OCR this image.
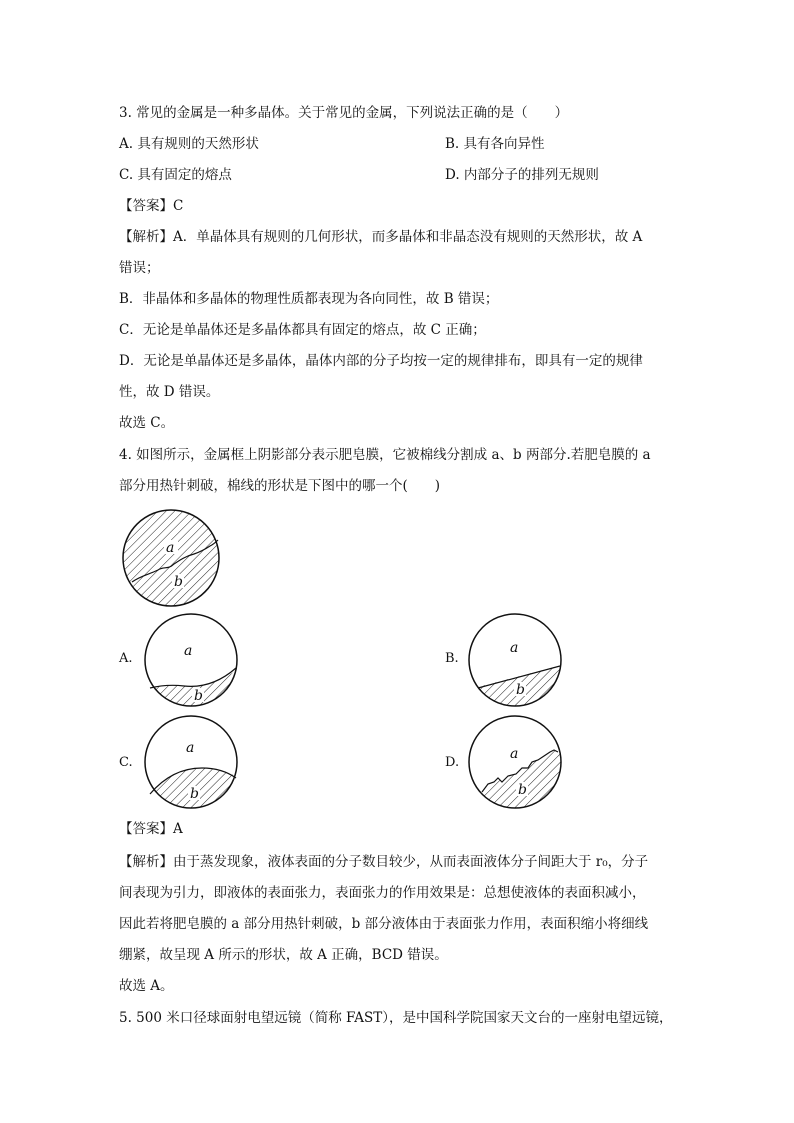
3. 常见的金属是一种多晶体。关于常见的金属，下列说法正确的是（　　）
A. 具有规则的天然形状	B. 具有各向异性
C. 具有固定的熔点	D. 内部分子的排列无规则
【答案】C
【解析】A．单晶体具有规则的几何形状，而多晶体和非晶态没有规则的天然形状，故 A
错误；
B．非晶体和多晶体的物理性质都表现为各向同性，故 B 错误；
C．无论是单晶体还是多晶体都具有固定的熔点，故 C 正确；
D．无论是单晶体还是多晶体，晶体内部的分子均按一定的规律排布，即具有一定的规律
性，故 D 错误。
故选 C。
4. 如图所示，金属框上阴影部分表示肥皂膜，它被棉线分割成 a、b 两部分.若肥皂膜的 a
部分用热针刺破，棉线的形状是下图中的哪一个(　　)
a
b
A.	a
b
B.
a
b
C.
a
b
D.
a
b
【答案】A
【解析】由于蒸发现象，液体表面的分子数目较少，从而表面液体分子间距大于 r₀，分子
间表现为引力，即液体的表面张力，表面张力的作用效果是：总想使液体的表面积减小，
因此若将肥皂膜的 a 部分用热针刺破，b 部分液体由于表面张力作用，表面积缩小将细线
绷紧，故呈现 A 所示的形状，故 A 正确，BCD 错误。
故选 A。
5. 500 米口径球面射电望远镜（简称 FAST），是中国科学院国家天文台的一座射电望远镜，
